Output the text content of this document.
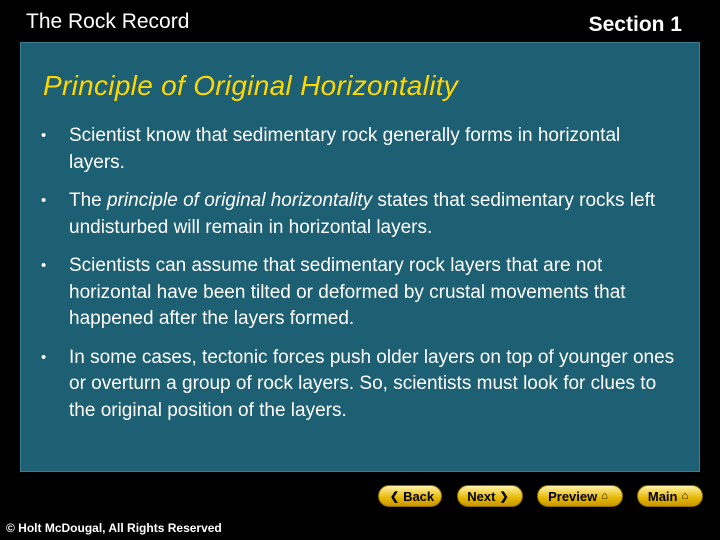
The Rock Record	Section 1
Principle of Original Horizontality
• Scientist know that sedimentary rock generally forms in horizontal layers.
• The principle of original horizontality states that sedimentary rocks left undisturbed will remain in horizontal layers.
• Scientists can assume that sedimentary rock layers that are not horizontal have been tilted or deformed by crustal movements that happened after the layers formed.
• In some cases, tectonic forces push older layers on top of younger ones or overturn a group of rock layers. So, scientists must look for clues to the original position of the layers.
❮ Back	Next ❯	Preview ⌂	Main ⌂
© Holt McDougal, All Rights Reserved
